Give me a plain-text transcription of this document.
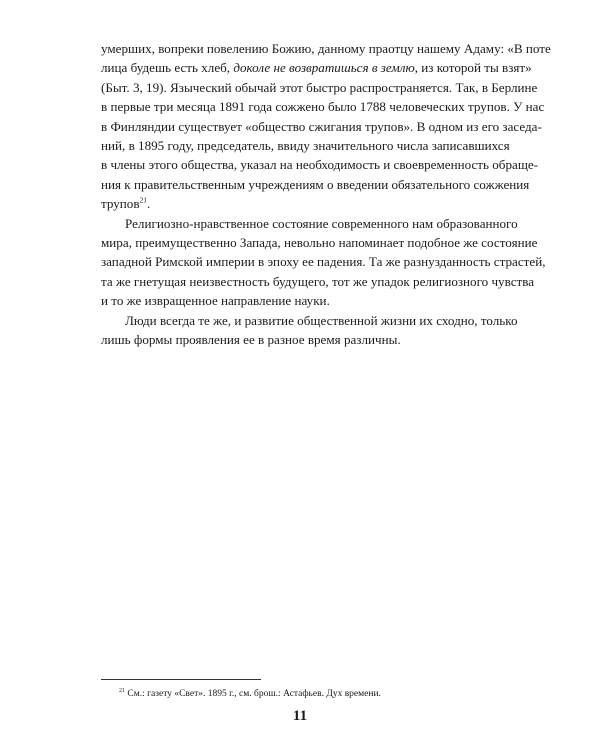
умерших, вопреки повелению Божию, данному праотцу нашему Адаму: «В поте
лица будешь есть хлеб, доколе не возвратишься в землю, из которой ты взят»
(Быт. 3, 19). Языческий обычай этот быстро распространяется. Так, в Берлине
в первые три месяца 1891 года сожжено было 1788 человеческих трупов. У нас
в Финляндии существует «общество сжигания трупов». В одном из его заседа-
ний, в 1895 году, председатель, ввиду значительного числа записавшихся
в члены этого общества, указал на необходимость и своевременность обраще-
ния к правительственным учреждениям о введении обязательного сожжения
трупов$^{21}$.

Религиозно-нравственное состояние современного нам образованного
мира, преимущественно Запада, невольно напоминает подобное же состояние
западной Римской империи в эпоху ее падения. Та же разнузданность страстей,
та же гнетущая неизвестность будущего, тот же упадок религиозного чувства
и то же извращенное направление науки.

Люди всегда те же, и развитие общественной жизни их сходно, только
лишь формы проявления ее в разное время различны.

$^{21}$ См.: газету «Свет». 1895 г., см. брош.: Астафьев. Дух времени.
11
